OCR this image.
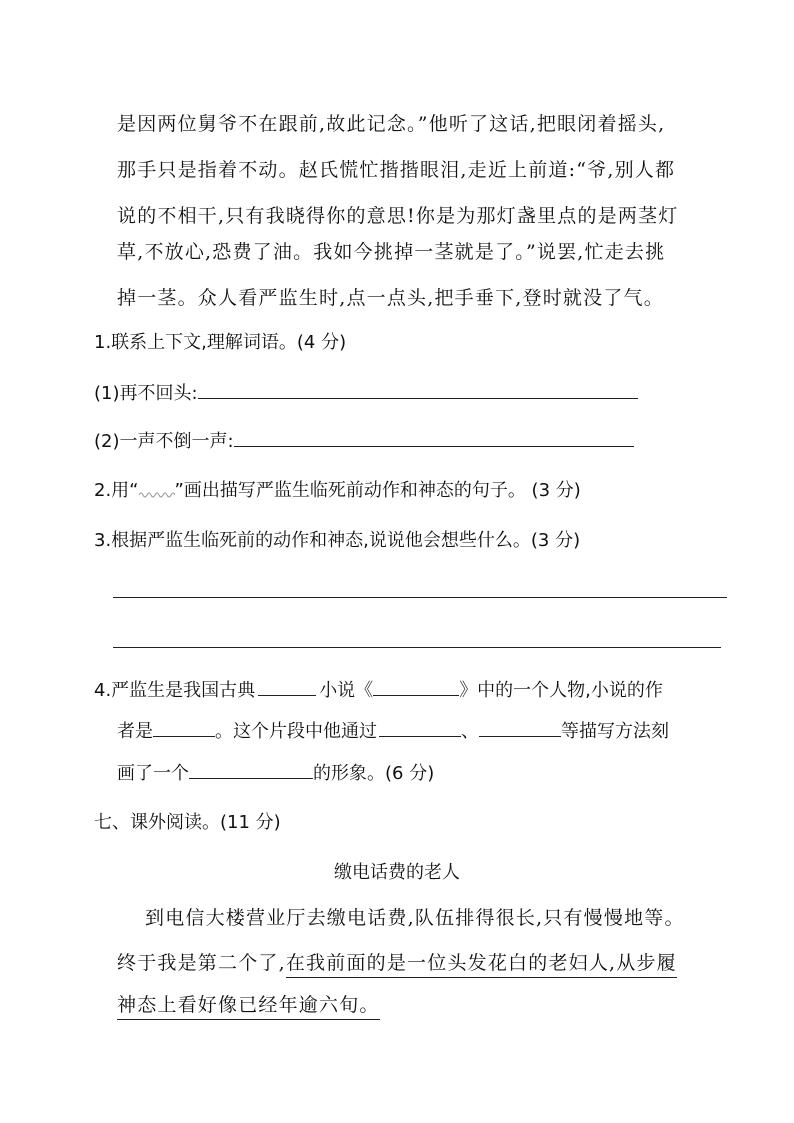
是因两位舅爷不在跟前,故此记念。”他听了这话,把眼闭着摇头,
那手只是指着不动。赵氏慌忙揩揩眼泪,走近上前道:“爷,别人都
说的不相干,只有我晓得你的意思!你是为那灯盏里点的是两茎灯
草,不放心,恐费了油。我如今挑掉一茎就是了。”说罢,忙走去挑
掉一茎。众人看严监生时,点一点头,把手垂下,登时就没了气。
1.联系上下文,理解词语。(4 分)
(1)再不回头:
(2)一声不倒一声:
2.用“ ”画出描写严监生临死前动作和神态的句子。 (3 分)
3.根据严监生临死前的动作和神态,说说他会想些什么。(3 分)
4.严监生是我国古典	小说《	》中的一个人物,小说的作
者是	。这个片段中他通过	、	等描写方法刻
画了一个	的形象。(6 分)
七、课外阅读。(11 分)
缴电话费的老人
到电信大楼营业厅去缴电话费,队伍排得很长,只有慢慢地等。
终于我是第二个了,在我前面的是一位头发花白的老妇人,从步履
神态上看好像已经年逾六旬。
